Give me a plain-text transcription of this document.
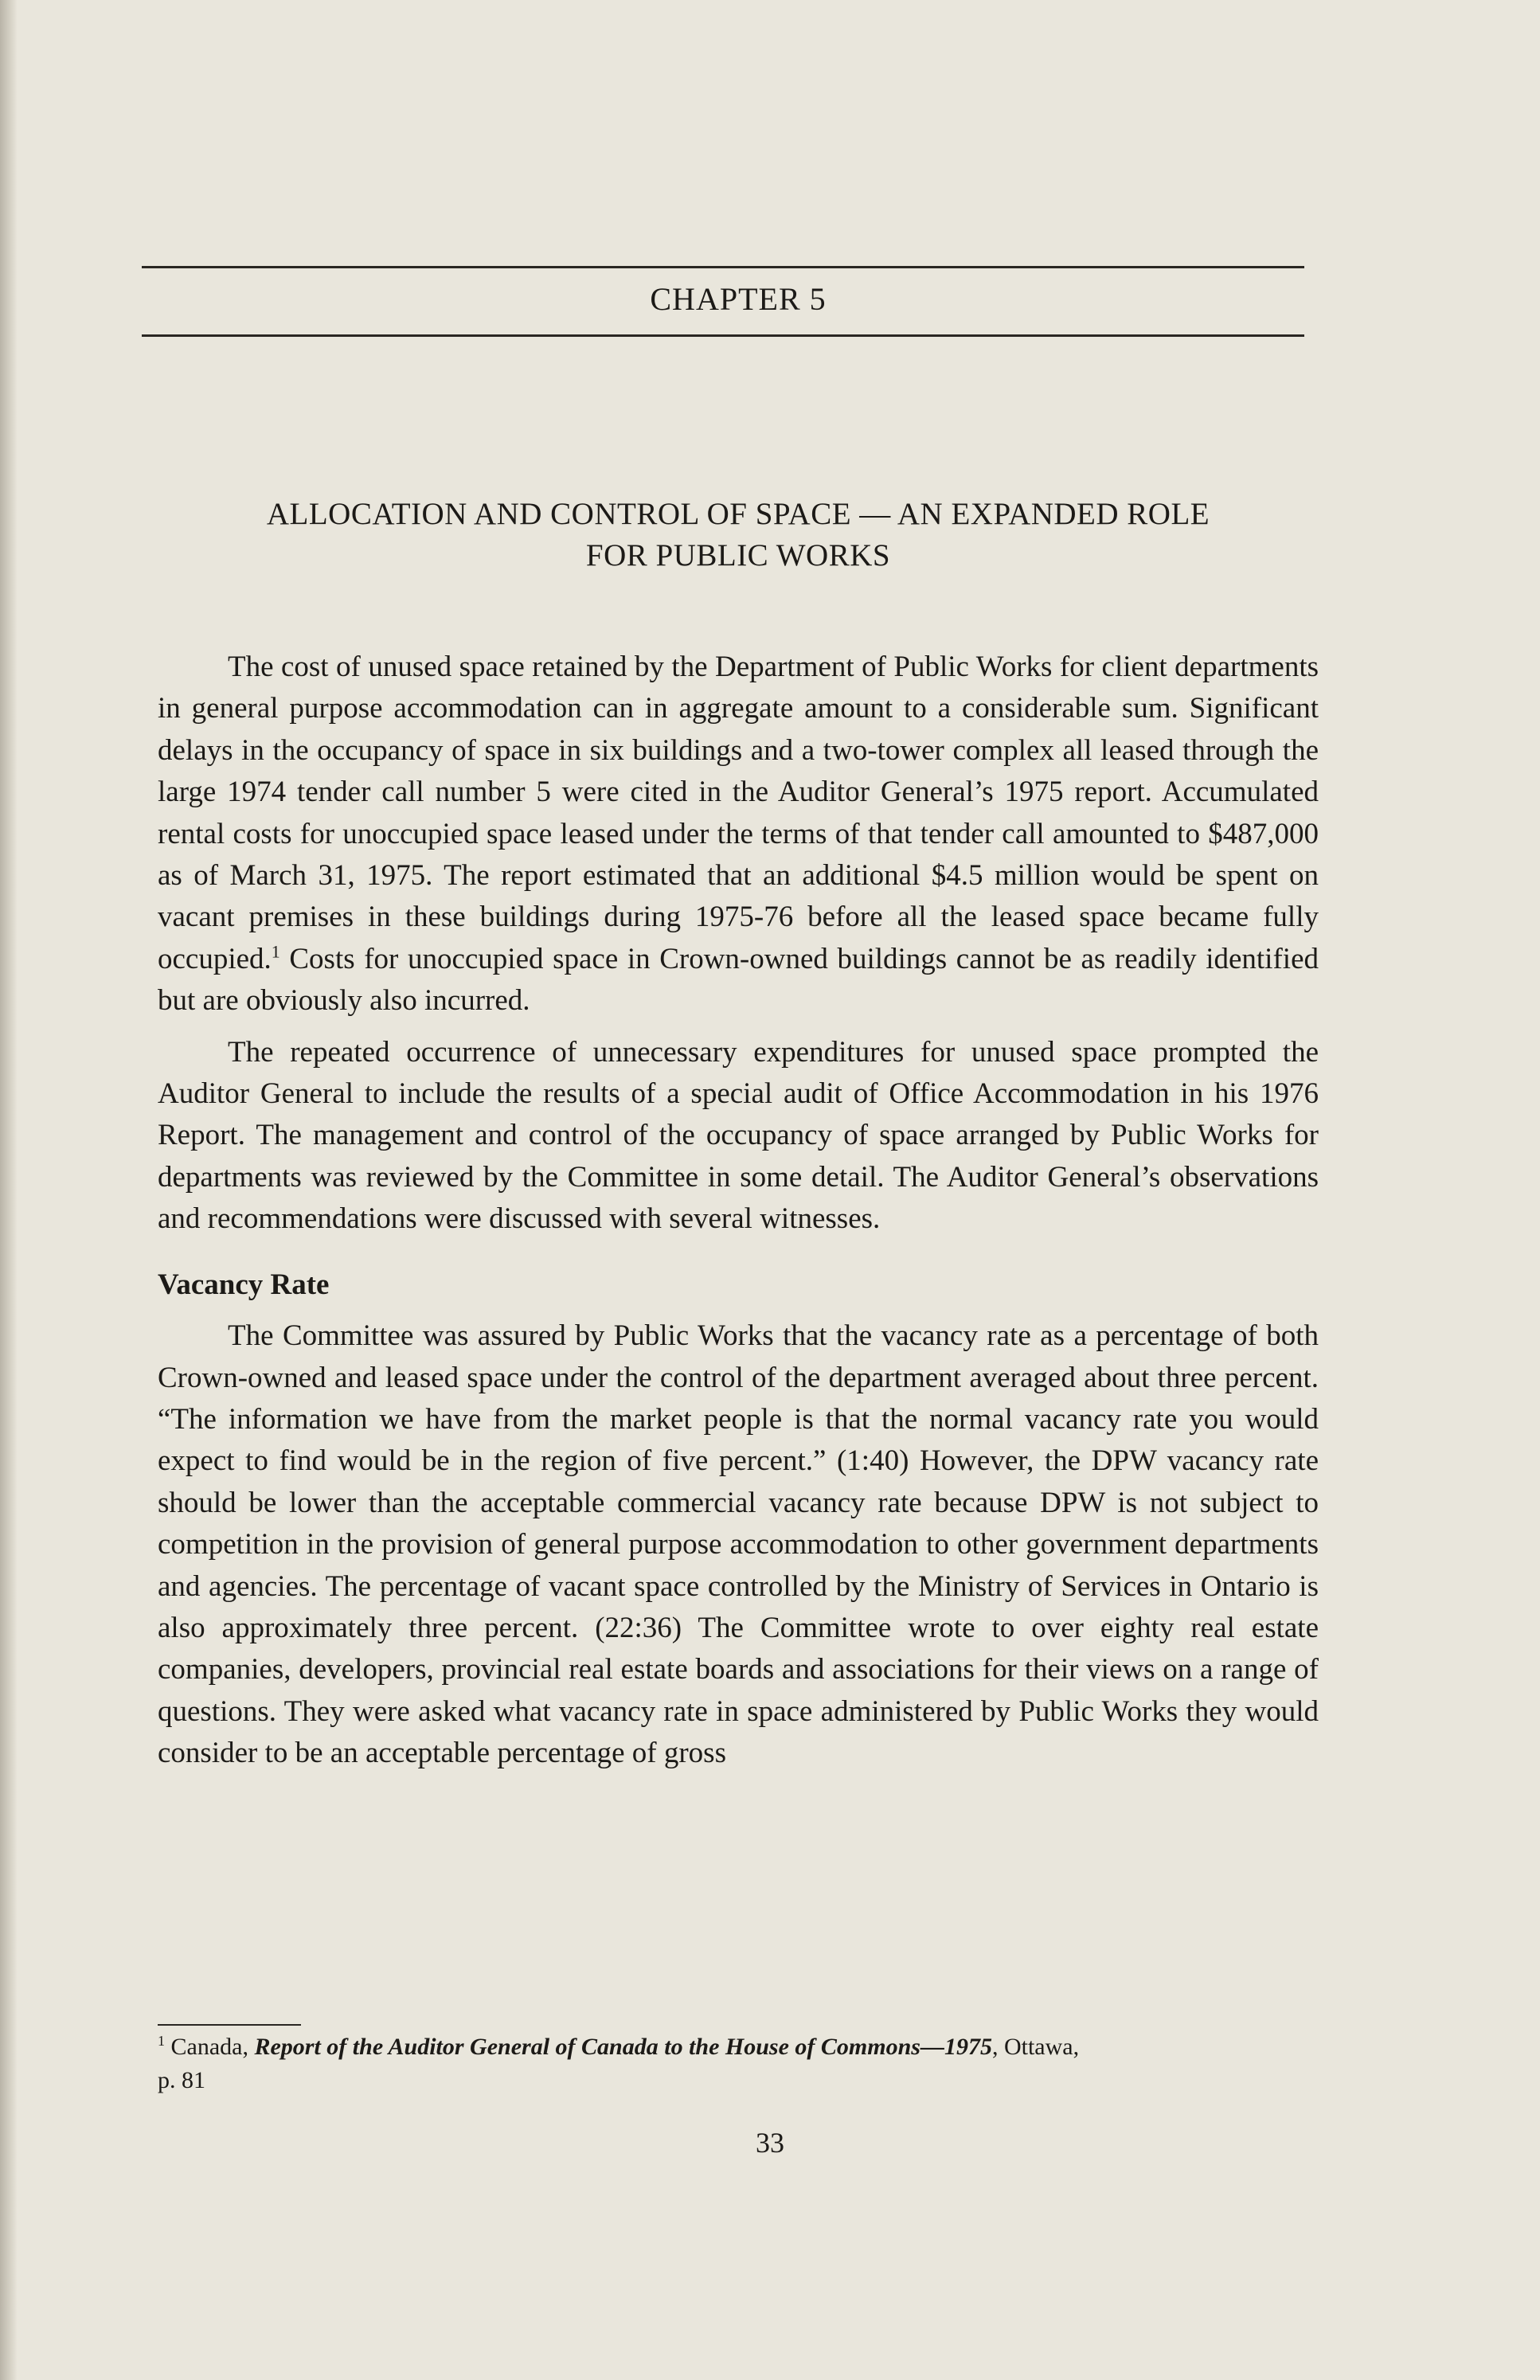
CHAPTER 5
ALLOCATION AND CONTROL OF SPACE — AN EXPANDED ROLE
FOR PUBLIC WORKS

The cost of unused space retained by the Department of Public Works for client departments in general purpose accommodation can in aggregate amount to a considerable sum. Significant delays in the occupancy of space in six buildings and a two-tower complex all leased through the large 1974 tender call number 5 were cited in the Auditor General’s 1975 report. Accumulated rental costs for unoccupied space leased under the terms of that tender call amounted to $487,000 as of March 31, 1975. The report estimated that an additional $4.5 million would be spent on vacant premises in these buildings during 1975-76 before all the leased space became fully occupied.$^1$ Costs for unoccupied space in Crown-owned buildings cannot be as readily identified but are obviously also incurred.

The repeated occurrence of unnecessary expenditures for unused space prompted the Auditor General to include the results of a special audit of Office Accommodation in his 1976 Report. The management and control of the occupancy of space arranged by Public Works for departments was reviewed by the Committee in some detail. The Auditor General’s observations and recommendations were discussed with several witnesses.

Vacancy Rate

The Committee was assured by Public Works that the vacancy rate as a percentage of both Crown-owned and leased space under the control of the department averaged about three percent. “The information we have from the market people is that the normal vacancy rate you would expect to find would be in the region of five percent.” (1:40) However, the DPW vacancy rate should be lower than the acceptable commercial vacancy rate because DPW is not subject to competition in the provision of general purpose accommodation to other government departments and agencies. The percentage of vacant space controlled by the Ministry of Services in Ontario is also approximately three percent. (22:36) The Committee wrote to over eighty real estate companies, developers, provincial real estate boards and associations for their views on a range of questions. They were asked what vacancy rate in space administered by Public Works they would consider to be an acceptable percentage of gross

$^1$ Canada, Report of the Auditor General of Canada to the House of Commons—1975, Ottawa,
p. 81
33
